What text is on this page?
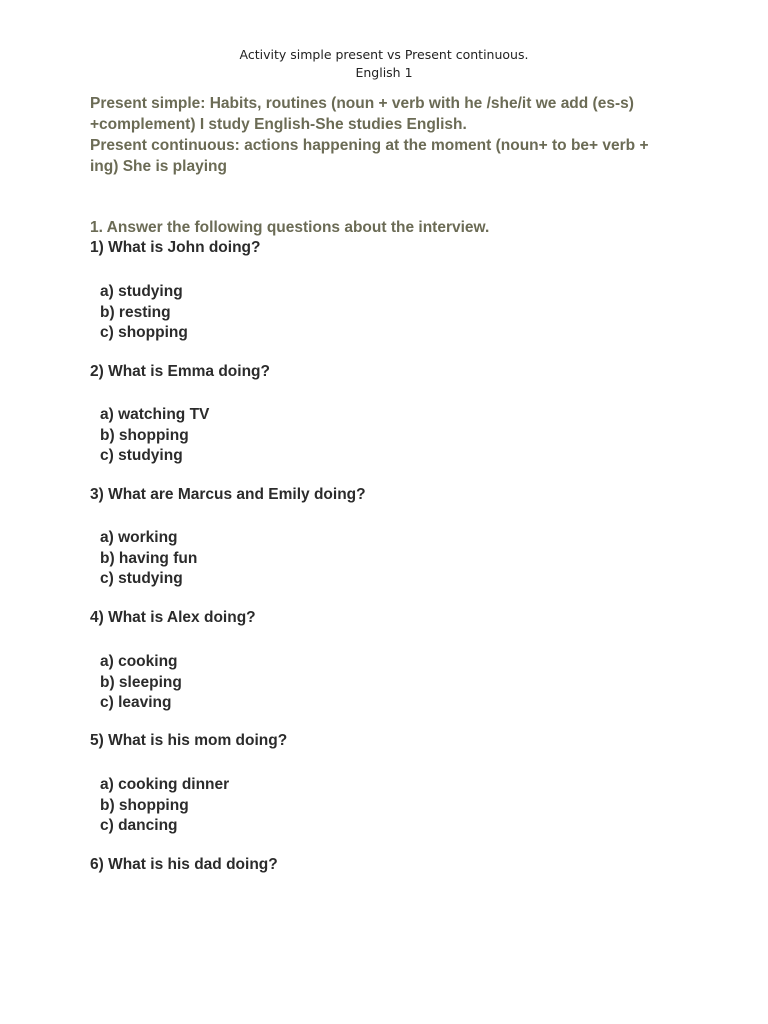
Activity simple present vs Present continuous.
English 1

Present simple: Habits, routines (noun + verb with he /she/it we add (es-s) +complement) I study English-She studies English.

Present continuous: actions happening at the moment (noun+ to be+ verb + ing) She is playing

1. Answer the following questions about the interview.
1) What is John doing?
a) studying
b) resting
c) shopping
2) What is Emma doing?
a) watching TV
b) shopping
c) studying
3) What are Marcus and Emily doing?
a) working
b) having fun
c) studying
4) What is Alex doing?
a) cooking
b) sleeping
c) leaving
5) What is his mom doing?
a) cooking dinner
b) shopping
c) dancing
6) What is his dad doing?
